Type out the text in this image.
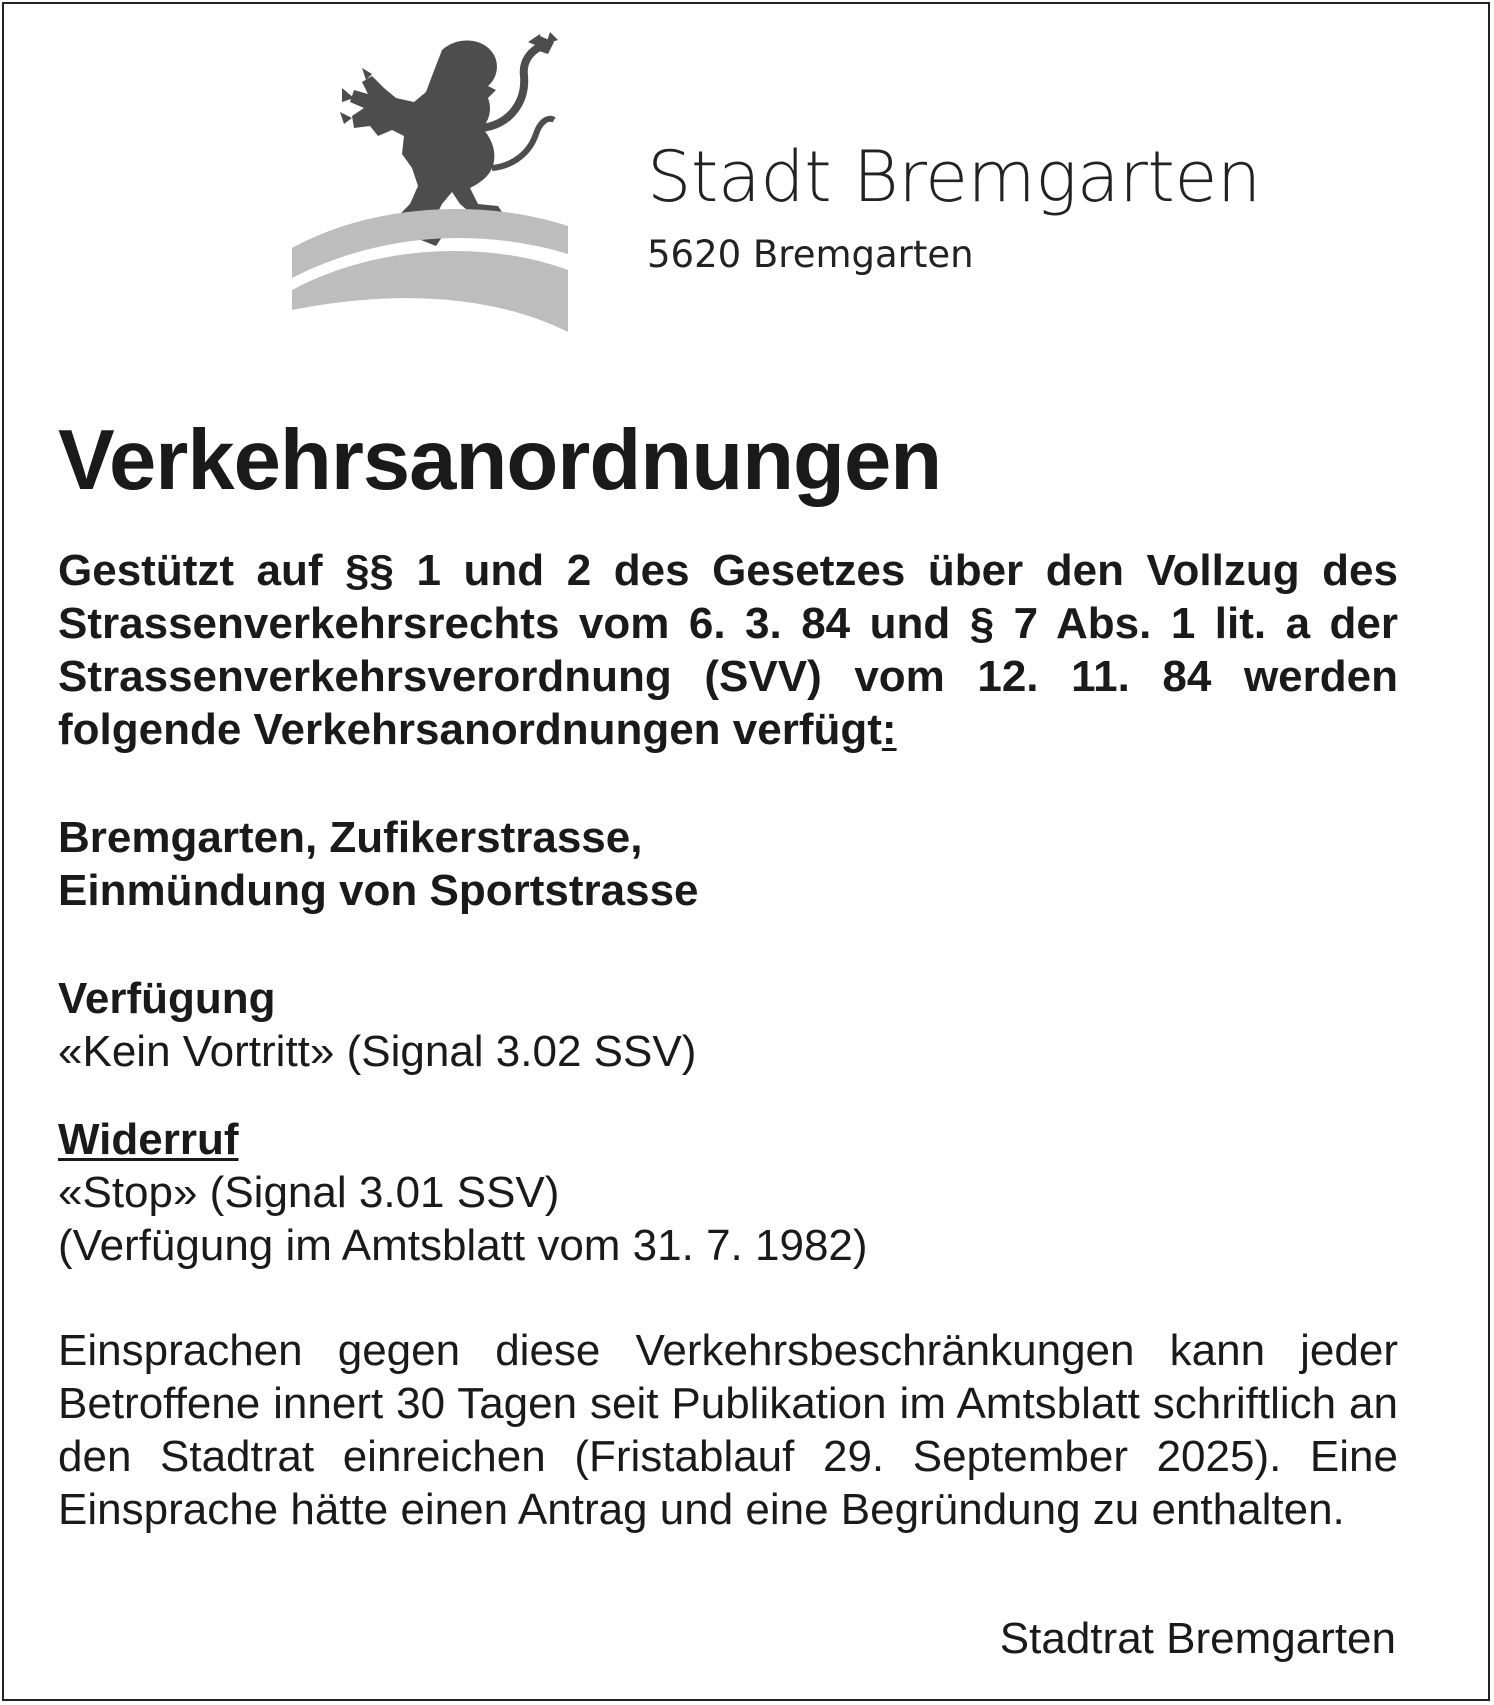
Stadt Bremgarten
5620 Bremgarten
Verkehrsanordnungen

Gestützt auf §§ 1 und 2 des Gesetzes über den Vollzug des Strassenverkehrsrechts vom 6. 3. 84 und § 7 Abs. 1 lit. a der Strassenverkehrsverordnung (SVV) vom 12. 11. 84 werden folgende Verkehrsanordnungen verfügt:

Bremgarten, Zufikerstrasse,
Einmündung von Sportstrasse
Verfügung
«Kein Vortritt» (Signal 3.02 SSV)
Widerruf
«Stop» (Signal 3.01 SSV)
(Verfügung im Amtsblatt vom 31. 7. 1982)

Einsprachen gegen diese Verkehrsbeschränkungen kann jeder Betroffene innert 30 Tagen seit Publikation im Amtsblatt schriftlich an den Stadtrat einreichen (Fristablauf 29. September 2025). Eine Einsprache hätte einen Antrag und eine Begründung zu enthalten.

Stadtrat Bremgarten
